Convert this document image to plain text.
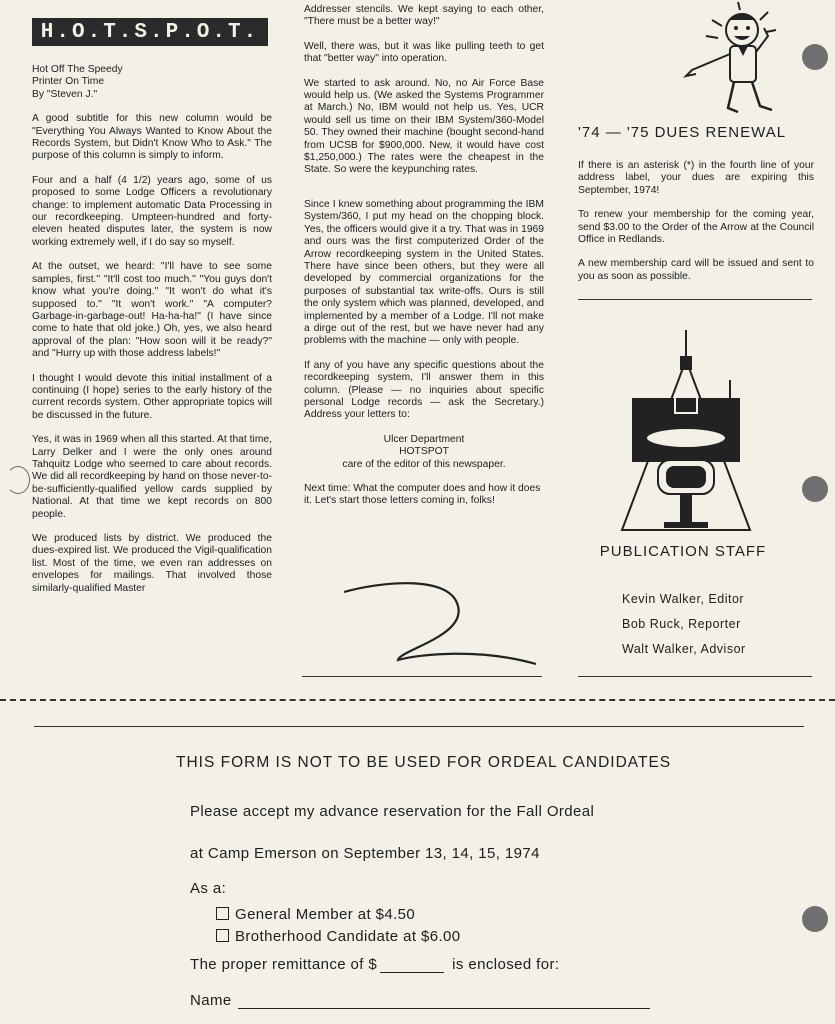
H.O.T.S.P.O.T.
Hot Off The Speedy
Printer On Time
By "Steven J."

A good subtitle for this new column would be "Everything You Always Wanted to Know About the Records System, but Didn't Know Who to Ask." The purpose of this column is simply to inform.

Four and a half (4 1/2) years ago, some of us proposed to some Lodge Officers a revolutionary change: to implement automatic Data Processing in our recordkeeping. Umpteen-hundred and forty-eleven heated disputes later, the system is now working extremely well, if I do say so myself.

At the outset, we heard: "I'll have to see some samples, first." "It'll cost too much." "You guys don't know what you're doing." "It won't do what it's supposed to." "It won't work." "A computer? Garbage-in-garbage-out! Ha-ha-ha!" (I have since come to hate that old joke.) Oh, yes, we also heard approval of the plan: "How soon will it be ready?" and "Hurry up with those address labels!"

I thought I would devote this initial installment of a continuing (I hope) series to the early history of the current records system. Other appropriate topics will be discussed in the future.

Yes, it was in 1969 when all this started. At that time, Larry Delker and I were the only ones around Tahquitz Lodge who seemed to care about records. We did all recordkeeping by hand on those never-to-be-sufficiently-qualified yellow cards supplied by National. At that time we kept records on 800 people.

We produced lists by district. We produced the dues-expired list. We produced the Vigil-qualification list. Most of the time, we even ran addresses on envelopes for mailings. That involved those similarly-qualified Master

Addresser stencils. We kept saying to each other, "There must be a better way!"

Well, there was, but it was like pulling teeth to get that "better way" into operation.

We started to ask around. No, no Air Force Base would help us. (We asked the Systems Programmer at March.) No, IBM would not help us. Yes, UCR would sell us time on their IBM System/360-Model 50. They owned their machine (bought second-hand from UCSB for $900,000. New, it would have cost $1,250,000.) The rates were the cheapest in the State. So were the keypunching rates.

Since I knew something about programming the IBM System/360, I put my head on the chopping block. Yes, the officers would give it a try. That was in 1969 and ours was the first computerized Order of the Arrow recordkeeping system in the United States. There have since been others, but they were all developed by commercial organizations for the purposes of substantial tax write-offs. Ours is still the only system which was planned, developed, and implemented by a member of a Lodge. I'll not make a dirge out of the rest, but we have never had any problems with the machine — only with people.

If any of you have any specific questions about the recordkeeping system, I'll answer them in this column. (Please — no inquiries about specific personal Lodge records — ask the Secretary.) Address your letters to:

Ulcer Department
HOTSPOT
care of the editor of this newspaper.

Next time: What the computer does and how it does it. Let's start those letters coming in, folks!

'74 — '75 DUES RENEWAL

If there is an asterisk (*) in the fourth line of your address label, your dues are expiring this September, 1974!

To renew your membership for the coming year, send $3.00 to the Order of the Arrow at the Council Office in Redlands.

A new membership card will be issued and sent to you as soon as possible.

PUBLICATION STAFF
Kevin Walker, Editor
Bob Ruck, Reporter
Walt Walker, Advisor
THIS FORM IS NOT TO BE USED FOR ORDEAL CANDIDATES
Please accept my advance reservation for the Fall Ordeal
at Camp Emerson on September 13, 14, 15, 1974
As a:
General Member at $4.50
Brotherhood Candidate at $6.00
The proper remittance of $	is enclosed for:
Name
